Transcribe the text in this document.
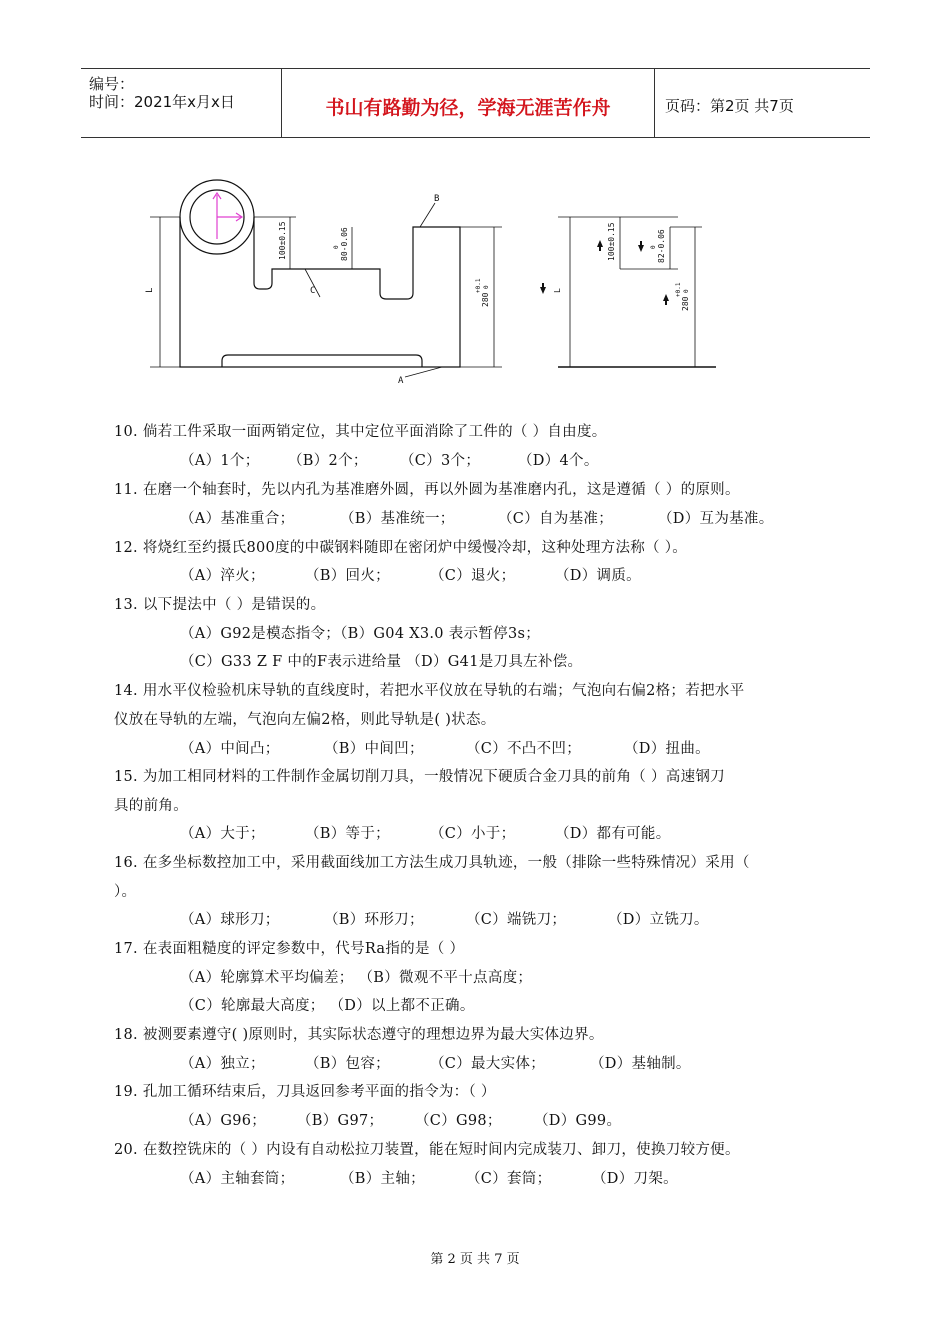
编号：
时间：2021年x月x日	书山有路勤为径，学海无涯苦作舟	页码：第2页 共7页
B
C
A
L
100±0.15	80-0.06
0
280
+0.1 0
L
100±0.15	82-0.06
0
280
+0.1 0
10. 倘若工件采取一面两销定位，其中定位平面消除了工件的（ ）自由度。
（A）1个； （B）2个； （C）3个；	（D）4个。
11. 在磨一个轴套时，先以内孔为基准磨外圆，再以外圆为基准磨内孔，这是遵循（ ）的原则。
（A）基准重合；	（B）基准统一；	（C）自为基准；	（D）互为基准。
12. 将烧红至约摄氏800度的中碳钢料随即在密闭炉中缓慢冷却，这种处理方法称（ ）。
（A）淬火；	（B）回火；	（C）退火；	（D）调质。
13. 以下提法中（ ）是错误的。
（A）G92是模态指令；（B）G04 X3.0 表示暂停3s；
（C）G33 Z F 中的F表示进给量 （D）G41是刀具左补偿。
14. 用水平仪检验机床导轨的直线度时，若把水平仪放在导轨的右端；气泡向右偏2格；若把水平
仪放在导轨的左端，气泡向左偏2格，则此导轨是( )状态。
（A）中间凸；	（B）中间凹；	（C）不凸不凹；	（D）扭曲。
15. 为加工相同材料的工件制作金属切削刀具，一般情况下硬质合金刀具的前角（ ）高速钢刀
具的前角。
（A）大于；	（B）等于；	（C）小于；	（D）都有可能。
16. 在多坐标数控加工中，采用截面线加工方法生成刀具轨迹，一般（排除一些特殊情况）采用（
）。
（A）球形刀；	（B）环形刀；	（C）端铣刀；	（D）立铣刀。
17. 在表面粗糙度的评定参数中，代号Ra指的是（ ）
（A）轮廓算术平均偏差； （B）微观不平十点高度；
（C）轮廓最大高度； （D）以上都不正确。
18. 被测要素遵守( )原则时，其实际状态遵守的理想边界为最大实体边界。
（A）独立；	（B）包容；	（C）最大实体；	（D）基轴制。
19. 孔加工循环结束后，刀具返回参考平面的指令为：（ ）
（A）G96； （B）G97； （C）G98； （D）G99。
20. 在数控铣床的（ ）内设有自动松拉刀装置，能在短时间内完成装刀、卸刀，使换刀较方便。
（A）主轴套筒；	（B）主轴；	（C）套筒；	（D）刀架。
第 2 页 共 7 页
